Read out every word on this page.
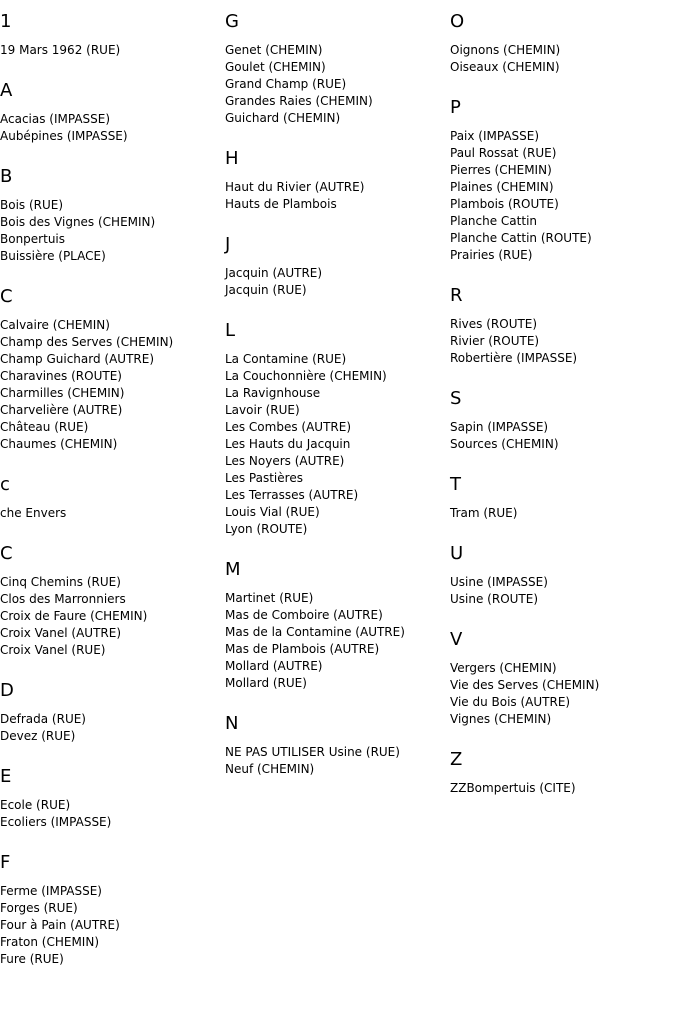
1
19 Mars 1962 (RUE)
A
Acacias (IMPASSE)
Aubépines (IMPASSE)
B
Bois (RUE)
Bois des Vignes (CHEMIN)
Bonpertuis
Buissière (PLACE)
C
Calvaire (CHEMIN)
Champ des Serves (CHEMIN)
Champ Guichard (AUTRE)
Charavines (ROUTE)
Charmilles (CHEMIN)
Charvelière (AUTRE)
Château (RUE)
Chaumes (CHEMIN)
c
che Envers
C
Cinq Chemins (RUE)
Clos des Marronniers
Croix de Faure (CHEMIN)
Croix Vanel (AUTRE)
Croix Vanel (RUE)
D
Defrada (RUE)
Devez (RUE)
E
Ecole (RUE)
Ecoliers (IMPASSE)
F
Ferme (IMPASSE)
Forges (RUE)
Four à Pain (AUTRE)
Fraton (CHEMIN)
Fure (RUE)
G
Genet (CHEMIN)
Goulet (CHEMIN)
Grand Champ (RUE)
Grandes Raies (CHEMIN)
Guichard (CHEMIN)
H
Haut du Rivier (AUTRE)
Hauts de Plambois
J
Jacquin (AUTRE)
Jacquin (RUE)
L
La Contamine (RUE)
La Couchonnière (CHEMIN)
La Ravignhouse
Lavoir (RUE)
Les Combes (AUTRE)
Les Hauts du Jacquin
Les Noyers (AUTRE)
Les Pastières
Les Terrasses (AUTRE)
Louis Vial (RUE)
Lyon (ROUTE)
M
Martinet (RUE)
Mas de Comboire (AUTRE)
Mas de la Contamine (AUTRE)
Mas de Plambois (AUTRE)
Mollard (AUTRE)
Mollard (RUE)
N
NE PAS UTILISER Usine (RUE)
Neuf (CHEMIN)
O
Oignons (CHEMIN)
Oiseaux (CHEMIN)
P
Paix (IMPASSE)
Paul Rossat (RUE)
Pierres (CHEMIN)
Plaines (CHEMIN)
Plambois (ROUTE)
Planche Cattin
Planche Cattin (ROUTE)
Prairies (RUE)
R
Rives (ROUTE)
Rivier (ROUTE)
Robertière (IMPASSE)
S
Sapin (IMPASSE)
Sources (CHEMIN)
T
Tram (RUE)
U
Usine (IMPASSE)
Usine (ROUTE)
V
Vergers (CHEMIN)
Vie des Serves (CHEMIN)
Vie du Bois (AUTRE)
Vignes (CHEMIN)
Z
ZZBompertuis (CITE)
